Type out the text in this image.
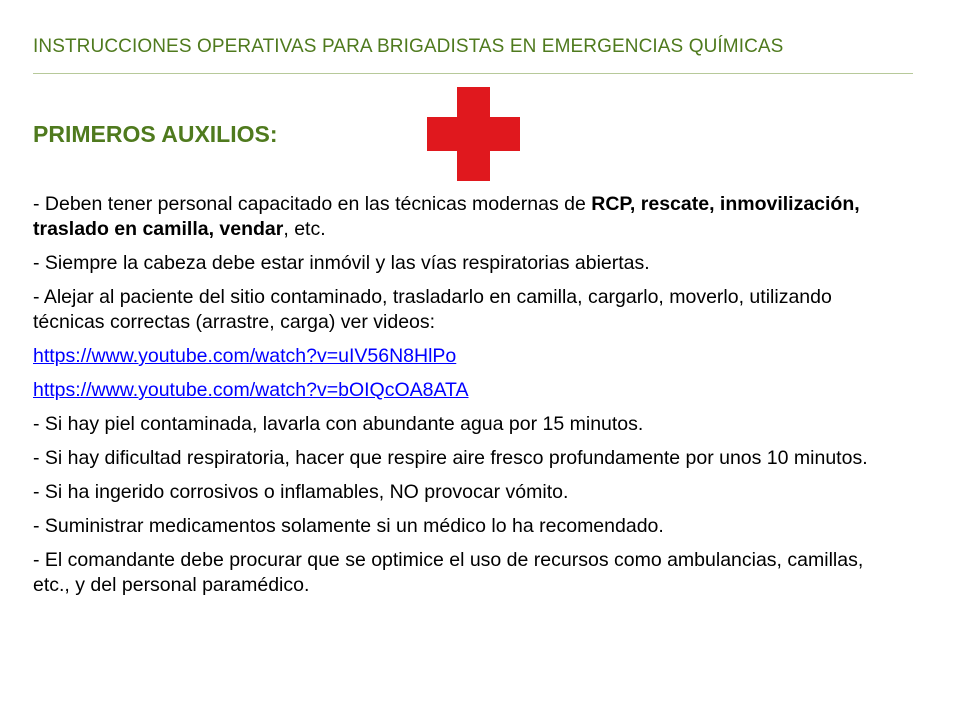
INSTRUCCIONES OPERATIVAS PARA BRIGADISTAS EN EMERGENCIAS QUÍMICAS
PRIMEROS AUXILIOS:

- Deben tener personal capacitado en las técnicas modernas de RCP, rescate, inmovilización, traslado en camilla, vendar, etc.

- Siempre la cabeza debe estar inmóvil y las vías respiratorias abiertas.

- Alejar al paciente del sitio contaminado, trasladarlo en camilla, cargarlo, moverlo, utilizando técnicas correctas (arrastre, carga) ver videos:

https://www.youtube.com/watch?v=uIV56N8HlPo

https://www.youtube.com/watch?v=bOIQcOA8ATA

- Si hay piel contaminada, lavarla con abundante agua por 15 minutos.

- Si hay dificultad respiratoria, hacer que respire aire fresco profundamente por unos 10 minutos.

- Si ha ingerido corrosivos o inflamables, NO provocar vómito.

- Suministrar medicamentos solamente si un médico lo ha recomendado.

- El comandante debe procurar que se optimice el uso de recursos como ambulancias, camillas, etc., y del personal paramédico.
